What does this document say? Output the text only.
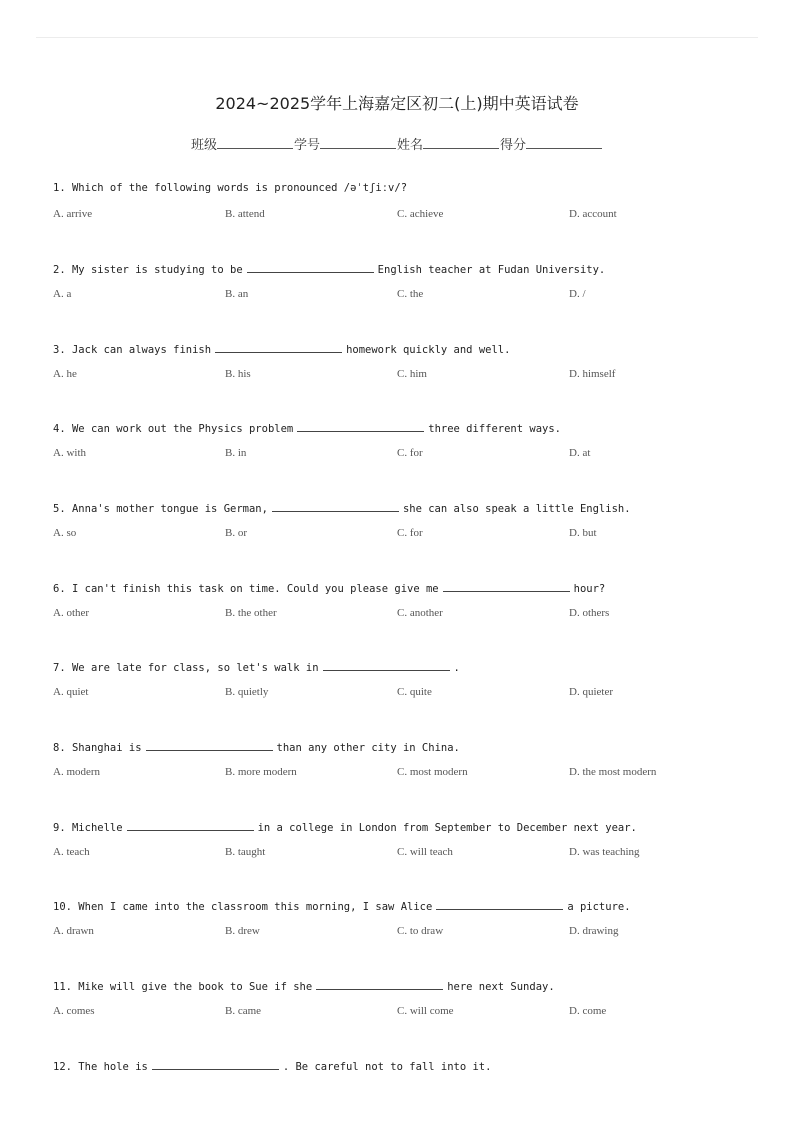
2024~2025学年上海嘉定区初二(上)期中英语试卷
班级	学号	姓名	得分
1. Which of the following words is pronounced /əˈtʃiːv/?
A. arrive	B. attend	C. achieve	D. account
2. My sister is studying to be	English teacher at Fudan University.
A. a	B. an	C. the	D. /
3. Jack can always finish	homework quickly and well.
A. he	B. his	C. him	D. himself
4. We can work out the Physics problem	three different ways.
A. with	B. in	C. for	D. at
5. Anna's mother tongue is German,	she can also speak a little English.
A. so	B. or	C. for	D. but
6. I can't finish this task on time. Could you please give me	hour?
A. other	B. the other	C. another	D. others
7. We are late for class, so let's walk in	.
A. quiet	B. quietly	C. quite	D. quieter
8. Shanghai is	than any other city in China.
A. modern	B. more modern	C. most modern	D. the most modern
9. Michelle	in a college in London from September to December next year.
A. teach	B. taught	C. will teach	D. was teaching
10. When I came into the classroom this morning, I saw Alice	a picture.
A. drawn	B. drew	C. to draw	D. drawing
11. Mike will give the book to Sue if she	here next Sunday.
A. comes	B. came	C. will come	D. come
12. The hole is	. Be careful not to fall into it.
